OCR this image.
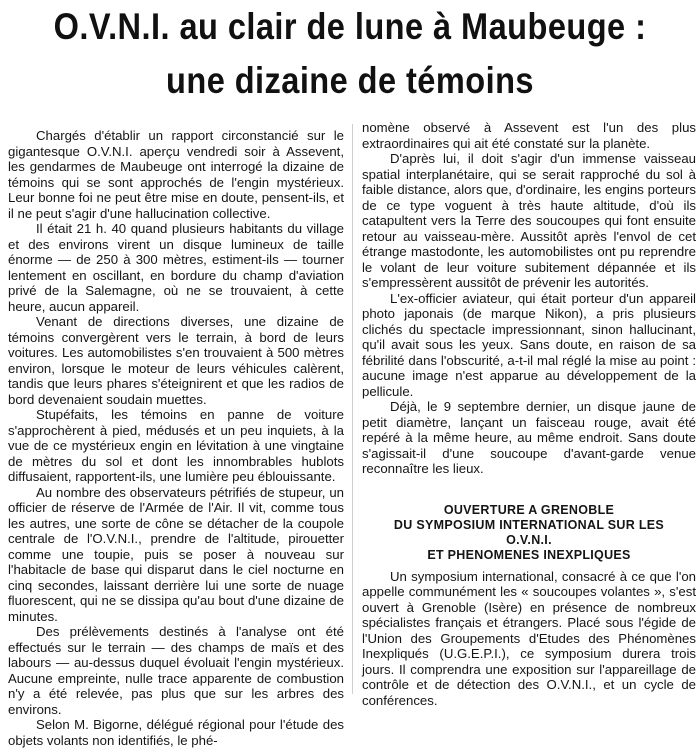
O.V.N.I. au clair de lune à Maubeuge :
une dizaine de témoins

Chargés d'établir un rapport circonstancié sur le gigantesque O.V.N.I. aperçu vendredi soir à Assevent, les gendarmes de Maubeuge ont interrogé la dizaine de témoins qui se sont approchés de l'engin mystérieux. Leur bonne foi ne peut être mise en doute, pensent-ils, et il ne peut s'agir d'une hallucination collective.

Il était 21 h. 40 quand plusieurs habitants du village et des environs virent un disque lumineux de taille énorme — de 250 à 300 mètres, estiment-ils — tourner lentement en oscillant, en bordure du champ d'aviation privé de la Salemagne, où ne se trouvaient, à cette heure, aucun appareil.

Venant de directions diverses, une dizaine de témoins convergèrent vers le terrain, à bord de leurs voitures. Les automobilistes s'en trouvaient à 500 mètres environ, lorsque le moteur de leurs véhicules calèrent, tandis que leurs phares s'éteignirent et que les radios de bord devenaient soudain muettes.

Stupéfaits, les témoins en panne de voiture s'approchèrent à pied, médusés et un peu inquiets, à la vue de ce mystérieux engin en lévitation à une vingtaine de mètres du sol et dont les innombrables hublots diffusaient, rapportent-ils, une lumière peu éblouissante.

Au nombre des observateurs pétrifiés de stupeur, un officier de réserve de l'Armée de l'Air. Il vit, comme tous les autres, une sorte de cône se détacher de la coupole centrale de l'O.V.N.I., prendre de l'altitude, pirouetter comme une toupie, puis se poser à nouveau sur l'habitacle de base qui disparut dans le ciel nocturne en cinq secondes, laissant derrière lui une sorte de nuage fluorescent, qui ne se dissipa qu'au bout d'une dizaine de minutes.

Des prélèvements destinés à l'analyse ont été effectués sur le terrain — des champs de maïs et des labours — au-dessus duquel évoluait l'engin mystérieux. Aucune empreinte, nulle trace apparente de combustion n'y a été relevée, pas plus que sur les arbres des environs.

Selon M. Bigorne, délégué régional pour l'étude des objets volants non identifiés, le phé-

nomène observé à Assevent est l'un des plus extraordinaires qui ait été constaté sur la planète.

D'après lui, il doit s'agir d'un immense vaisseau spatial interplanétaire, qui se serait rapproché du sol à faible distance, alors que, d'ordinaire, les engins porteurs de ce type voguent à très haute altitude, d'où ils catapultent vers la Terre des soucoupes qui font ensuite retour au vaisseau-mère. Aussitôt après l'envol de cet étrange mastodonte, les automobilistes ont pu reprendre le volant de leur voiture subitement dépannée et ils s'empressèrent aussitôt de prévenir les autorités.

L'ex-officier aviateur, qui était porteur d'un appareil photo japonais (de marque Nikon), a pris plusieurs clichés du spectacle impressionnant, sinon hallucinant, qu'il avait sous les yeux. Sans doute, en raison de sa fébrilité dans l'obscurité, a-t-il mal réglé la mise au point : aucune image n'est apparue au développement de la pellicule.

Déjà, le 9 septembre dernier, un disque jaune de petit diamètre, lançant un faisceau rouge, avait été repéré à la même heure, au même endroit. Sans doute s'agissait-il d'une soucoupe d'avant-garde venue reconnaître les lieux.

OUVERTURE A GRENOBLE
DU SYMPOSIUM INTERNATIONAL SUR LES
O.V.N.I.
ET PHENOMENES INEXPLIQUES

Un symposium international, consacré à ce que l'on appelle communément les « soucoupes volantes », s'est ouvert à Grenoble (Isère) en présence de nombreux spécialistes français et étrangers. Placé sous l'égide de l'Union des Groupements d'Etudes des Phénomènes Inexpliqués (U.G.E.P.I.), ce symposium durera trois jours. Il comprendra une exposition sur l'appareillage de contrôle et de détection des O.V.N.I., et un cycle de conférences.
